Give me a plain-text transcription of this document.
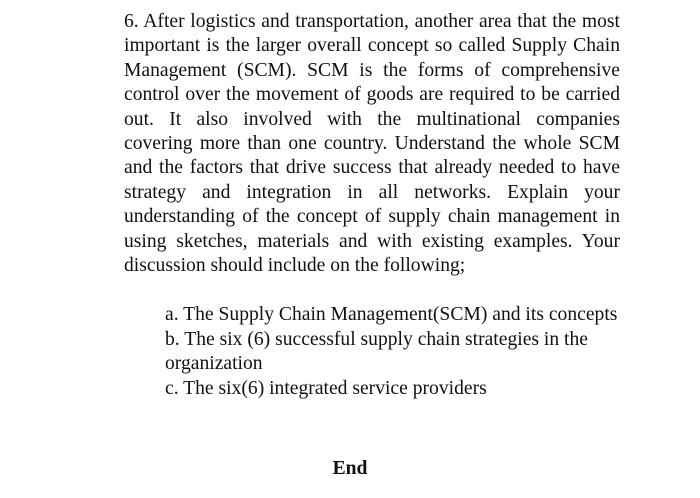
6. After logistics and transportation, another area that the most important is the larger overall concept so called Supply Chain Management (SCM). SCM is the forms of comprehensive control over the movement of goods are required to be carried out. It also involved with the multinational companies covering more than one country. Understand the whole SCM and the factors that drive success that already needed to have strategy and integration in all networks. Explain your understanding of the concept of supply chain management in using sketches, materials and with existing examples. Your discussion should include on the following;

a. The Supply Chain Management(SCM) and its concepts
b. The six (6) successful supply chain strategies in the organization
c. The six(6) integrated service providers
End
